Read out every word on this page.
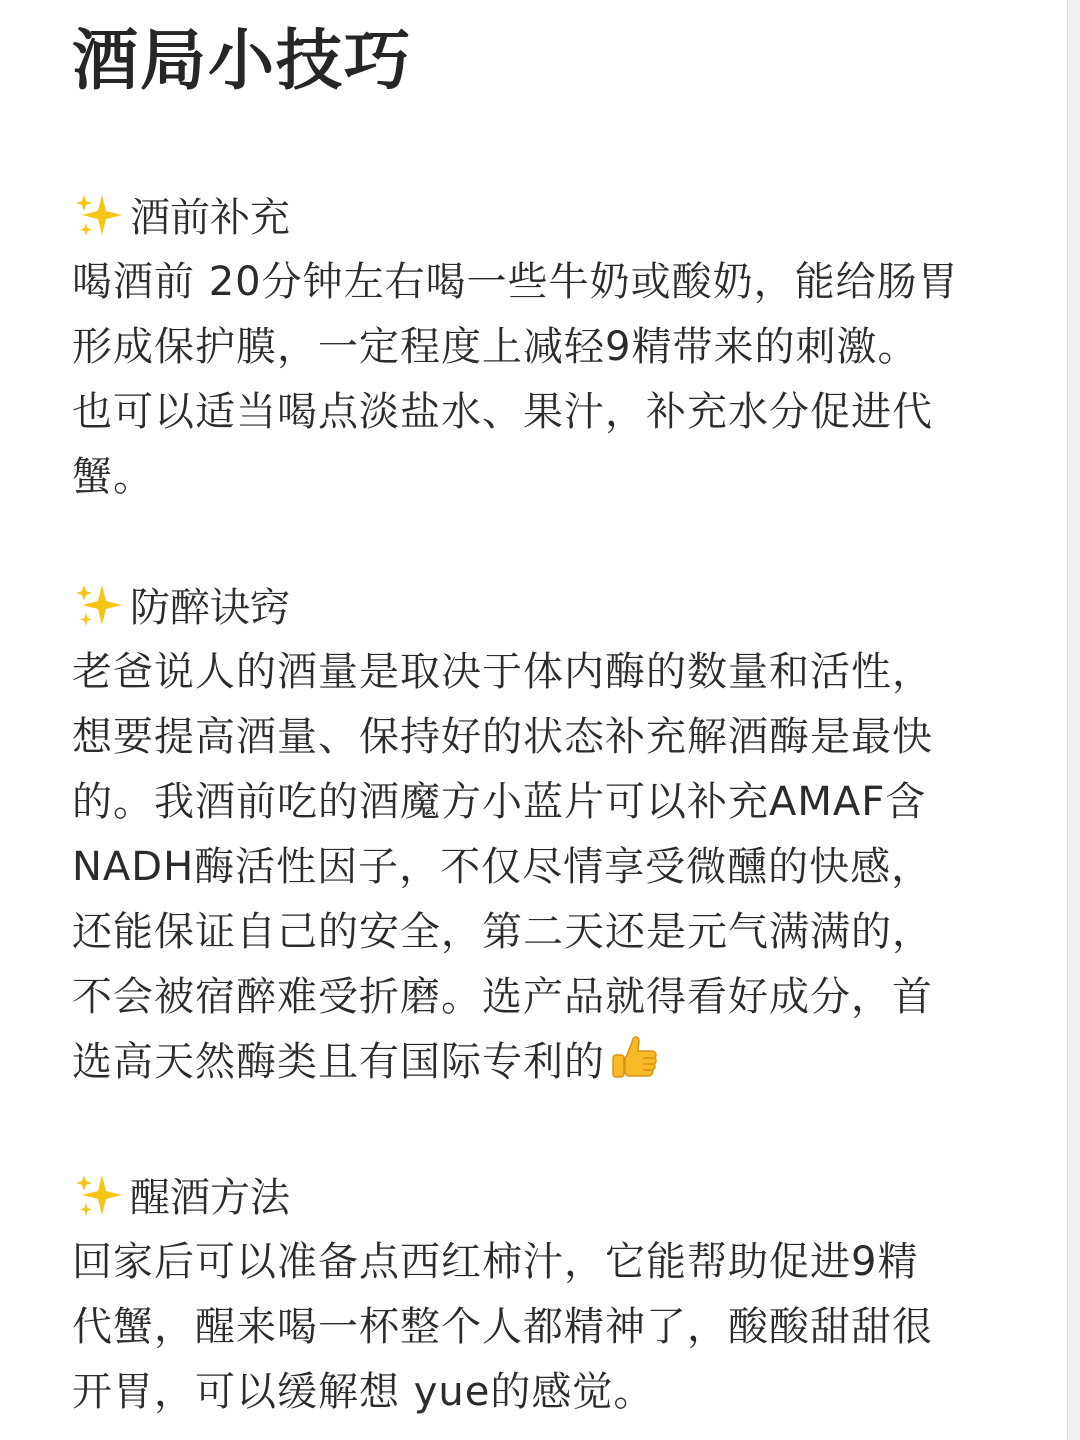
酒局小技巧
酒前补充
喝酒前 20分钟左右喝一些牛奶或酸奶，能给肠胃
形成保护膜，一定程度上减轻9精带来的刺激。
也可以适当喝点淡盐水、果汁，补充水分促进代
蟹。
防醉诀窍
老爸说人的酒量是取决于体内酶的数量和活性，
想要提高酒量、保持好的状态补充解酒酶是最快
的。我酒前吃的酒魔方小蓝片可以补充AMAF含
NADH酶活性因子，不仅尽情享受微醺的快感，
还能保证自己的安全，第二天还是元气满满的，
不会被宿醉难受折磨。选产品就得看好成分，首
选高天然酶类且有国际专利的
醒酒方法
回家后可以准备点西红柿汁，它能帮助促进9精
代蟹，醒来喝一杯整个人都精神了，酸酸甜甜很
开胃，可以缓解想 yue的感觉。
